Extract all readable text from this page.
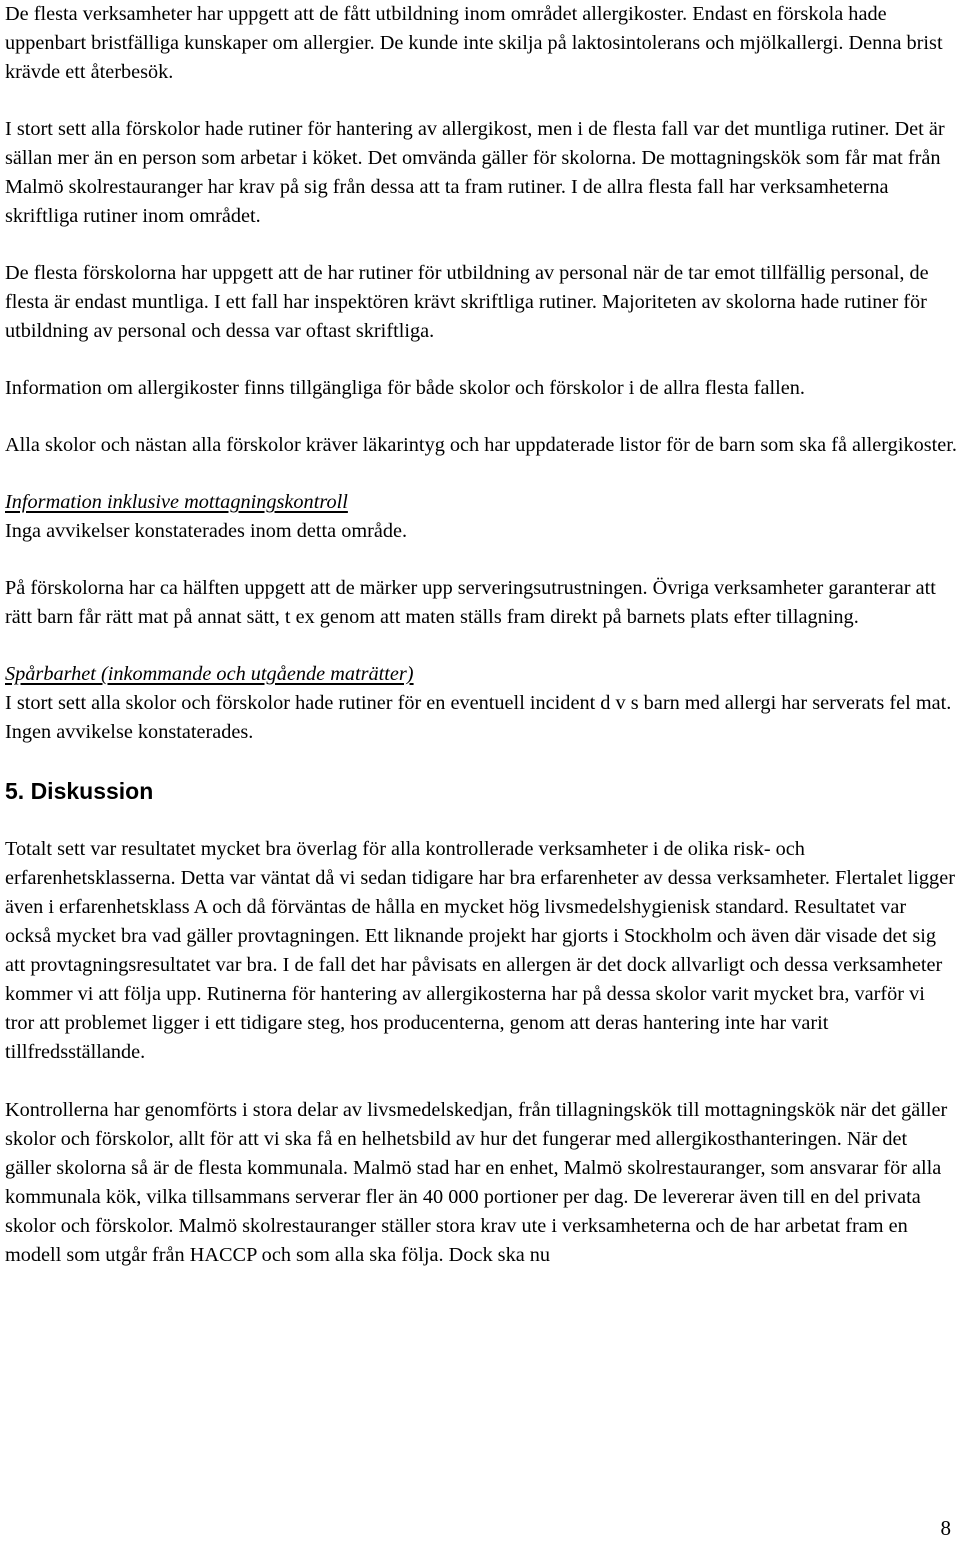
De flesta verksamheter har uppgett att de fått utbildning inom området allergikoster. Endast en förskola hade uppenbart bristfälliga kunskaper om allergier. De kunde inte skilja på laktosintolerans och mjölkallergi. Denna brist krävde ett återbesök.

I stort sett alla förskolor hade rutiner för hantering av allergikost, men i de flesta fall var det muntliga rutiner. Det är sällan mer än en person som arbetar i köket. Det omvända gäller för skolorna. De mottagningskök som får mat från Malmö skolrestauranger har krav på sig från dessa att ta fram rutiner. I de allra flesta fall har verksamheterna skriftliga rutiner inom området.

De flesta förskolorna har uppgett att de har rutiner för utbildning av personal när de tar emot tillfällig personal, de flesta är endast muntliga. I ett fall har inspektören krävt skriftliga rutiner. Majoriteten av skolorna hade rutiner för utbildning av personal och dessa var oftast skriftliga.

Information om allergikoster finns tillgängliga för både skolor och förskolor i de allra flesta fallen.

Alla skolor och nästan alla förskolor kräver läkarintyg och har uppdaterade listor för de barn som ska få allergikoster.

Information inklusive mottagningskontroll

Inga avvikelser konstaterades inom detta område.

På förskolorna har ca hälften uppgett att de märker upp serveringsutrustningen. Övriga verksamheter garanterar att rätt barn får rätt mat på annat sätt, t ex genom att maten ställs fram direkt på barnets plats efter tillagning.

Spårbarhet (inkommande och utgående maträtter)

I stort sett alla skolor och förskolor hade rutiner för en eventuell incident d v s barn med allergi har serverats fel mat. Ingen avvikelse konstaterades.

5. Diskussion

Totalt sett var resultatet mycket bra överlag för alla kontrollerade verksamheter i de olika risk- och erfarenhetsklasserna. Detta var väntat då vi sedan tidigare har bra erfarenheter av dessa verksamheter. Flertalet ligger även i erfarenhetsklass A och då förväntas de hålla en mycket hög livsmedelshygienisk standard. Resultatet var också mycket bra vad gäller provtagningen. Ett liknande projekt har gjorts i Stockholm och även där visade det sig att provtagningsresultatet var bra. I de fall det har påvisats en allergen är det dock allvarligt och dessa verksamheter kommer vi att följa upp. Rutinerna för hantering av allergikosterna har på dessa skolor varit mycket bra, varför vi tror att problemet ligger i ett tidigare steg, hos producenterna, genom att deras hantering inte har varit tillfredsställande.

Kontrollerna har genomförts i stora delar av livsmedelskedjan, från tillagningskök till mottagningskök när det gäller skolor och förskolor, allt för att vi ska få en helhetsbild av hur det fungerar med allergikosthanteringen. När det gäller skolorna så är de flesta kommunala. Malmö stad har en enhet, Malmö skolrestauranger, som ansvarar för alla kommunala kök, vilka tillsammans serverar fler än 40 000 portioner per dag. De levererar även till en del privata skolor och förskolor. Malmö skolrestauranger ställer stora krav ute i verksamheterna och de har arbetat fram en modell som utgår från HACCP och som alla ska följa. Dock ska nu

8
